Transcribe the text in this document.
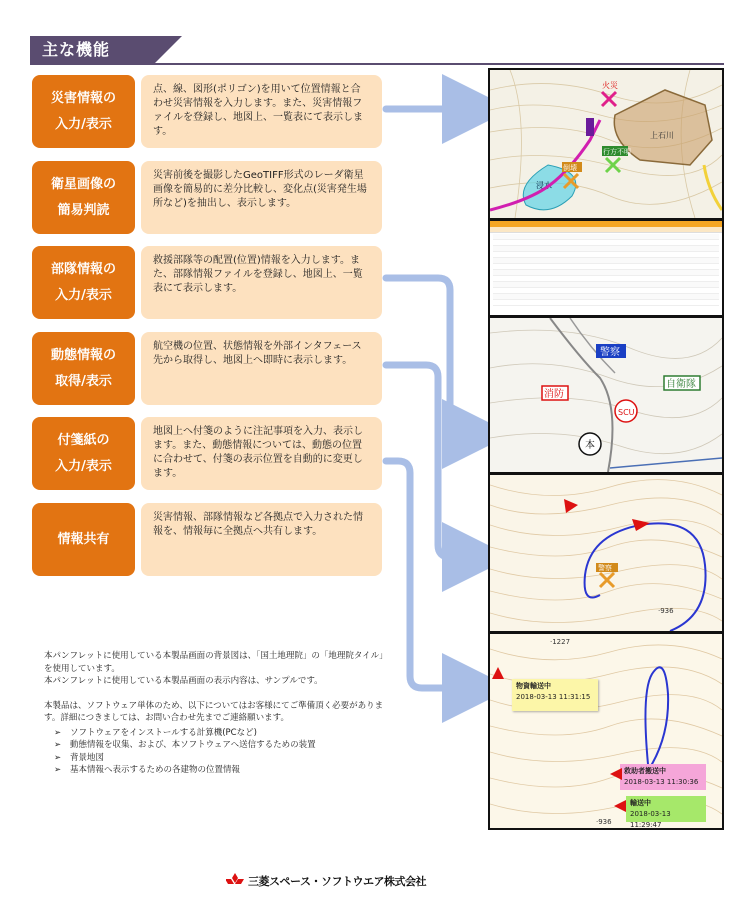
主な機能
災害情報の
入力/表示
点、線、図形(ポリゴン)を用いて位置情報と合わせ災害情報を入力します。また、災害情報ファイルを登録し、地図上、一覧表にて表示します。
衛星画像の
簡易判読
災害前後を撮影したGeoTIFF形式のレーダ衛星画像を簡易的に差分比較し、変化点(災害発生場所など)を抽出し、表示します。
部隊情報の
入力/表示
救援部隊等の配置(位置)情報を入力します。また、部隊情報ファイルを登録し、地図上、一覧表にて表示します。
動態情報の
取得/表示
航空機の位置、状態情報を外部インタフェース先から取得し、地図上へ即時に表示します。
付箋紙の
入力/表示
地図上へ付箋のように注記事項を入力、表示します。また、動態情報については、動態の位置に合わせて、付箋の表示位置を自動的に変更します。
情報共有
災害情報、部隊情報など各拠点で入力された情報を、情報毎に全拠点へ共有します。
上石川
浸水
火災
行方不明
倒壊
警察
消防
自衛隊
SCU
本
警察
·936
·1227
·936
物資輸送中
2018-03-13 11:31:15
救助者搬送中
2018-03-13 11:30:36
輸送中
2018-03-13 11:29:47

本パンフレットに使用している本製品画面の背景図は、「国土地理院」の「地理院タイル」を使用しています。

本パンフレットに使用している本製品画面の表示内容は、サンプルです。

本製品は、ソフトウェア単体のため、以下についてはお客様にてご準備頂く必要があります。詳細につきましては、お問い合わせ先までご連絡願います。

➢ ソフトウェアをインストールする計算機(PCなど)
➢ 動態情報を収集、および、本ソフトウェアへ送信するための装置
➢ 背景地図
➢ 基本情報へ表示するための各建物の位置情報
三菱スペース・ソフトウエア株式会社
